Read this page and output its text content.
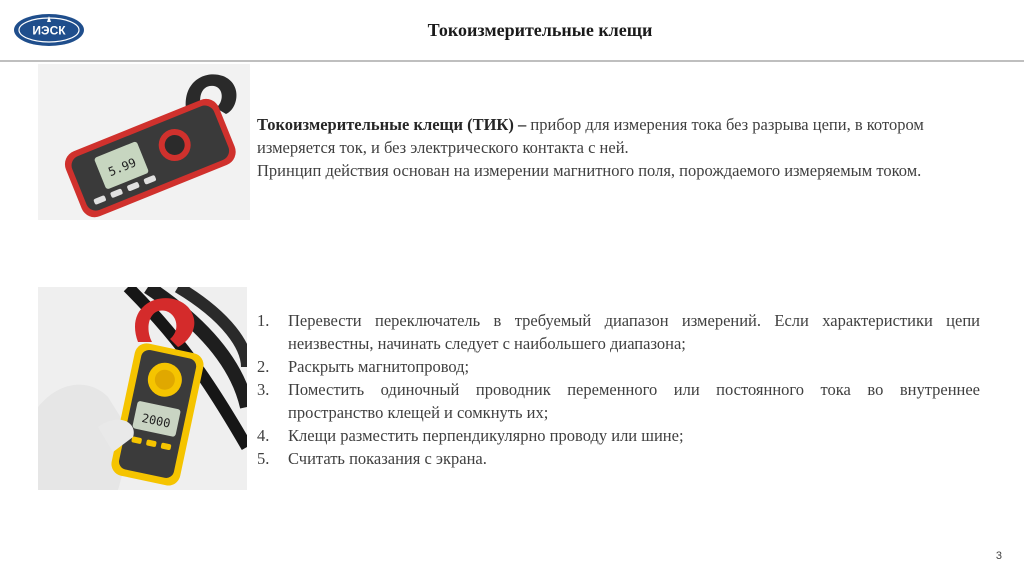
ИЭСК	Токоизмерительные клещи
5.99

Токоизмерительные клещи (ТИК) – прибор для измерения тока без разрыва цепи, в котором измеряется ток, и без электрического контакта с ней.

Принцип действия основан на измерении магнитного поля, порождаемого измеряемым током.

2000
1. Перевести переключатель в требуемый диапазон измерений. Если характеристики цепи неизвестны, начинать следует с наибольшего диапазона;
2. Раскрыть магнитопровод;
3. Поместить одиночный проводник переменного или постоянного тока во внутреннее пространство клещей и сомкнуть их;
4. Клещи разместить перпендикулярно проводу или шине;
5. Считать показания с экрана.
3
